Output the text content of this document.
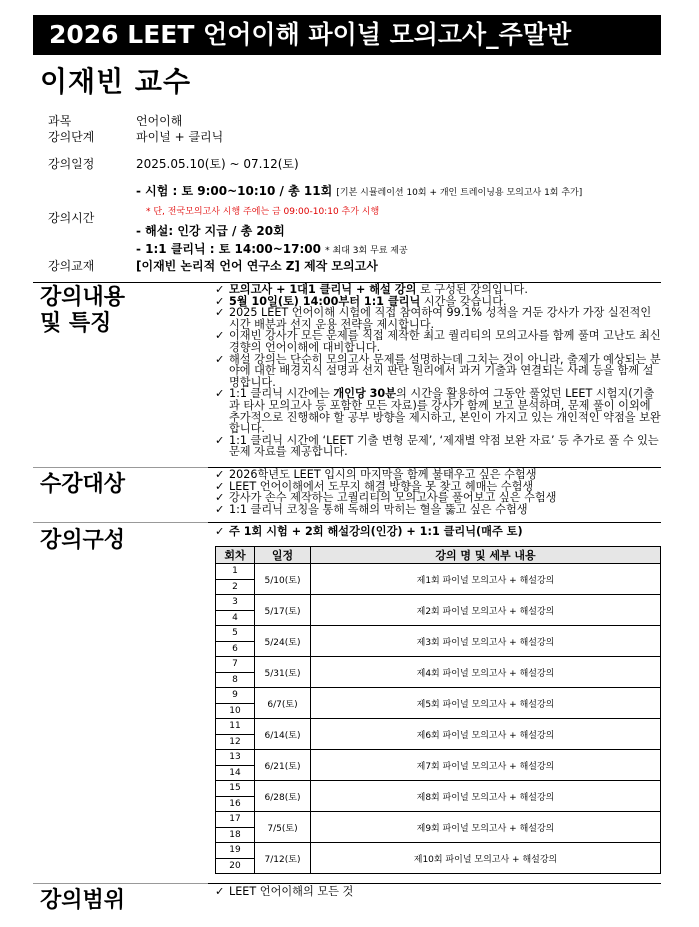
2026 LEET 언어이해 파이널 모의고사_주말반
이재빈 교수
과목	언어이해
강의단계	파이널 + 클리닉
강의일정	2025.05.10(토) ~ 07.12(토)
- 시험 : 토 9:00~10:10 / 총 11회 [기본 시뮬레이션 10회 + 개인 트레이닝용 모의고사 1회 추가]
* 단, 전국모의고사 시행 주에는 금 09:00-10:10 추가 시행
강의시간
- 해설: 인강 지급 / 총 20회
- 1:1 클리닉 : 토 14:00~17:00 * 최대 3회 무료 제공
강의교재	[이재빈 논리적 언어 연구소 Z] 제작 모의고사
강의내용
및 특징
✓ 모의고사 + 1대1 클리닉 + 해설 강의 로 구성된 강의입니다.
✓ 5월 10일(토) 14:00부터 1:1 클리닉 시간을 갖습니다.
✓ 2025 LEET 언어이해 시험에 직접 참여하여 99.1% 성적을 거둔 강사가 가장 실전적인 시간 배분과 선지 운용 전략을 제시합니다.
✓ 이재빈 강사가 모든 문제를 직접 제작한 최고 퀄리티의 모의고사를 함께 풀며 고난도 최신 경향의 언어이해에 대비합니다.
✓ 해설 강의는 단순히 모의고사 문제를 설명하는데 그치는 것이 아니라, 출제가 예상되는 분야에 대한 배경지식 설명과 선지 판단 원리에서 과거 기출과 연결되는 사례 등을 함께 설명합니다.
✓ 1:1 클리닉 시간에는 개인당 30분의 시간을 활용하여 그동안 풀었던 LEET 시험지(기출과 타사 모의고사 등 포함한 모든 자료)를 강사가 함께 보고 분석하며, 문제 풀이 이외에 추가적으로 진행해야 할 공부 방향을 제시하고, 본인이 가지고 있는 개인적인 약점을 보완합니다.
✓ 1:1 클리닉 시간에 ‘LEET 기출 변형 문제’, ‘제재별 약점 보완 자료’ 등 추가로 풀 수 있는 문제 자료를 제공합니다.
수강대상	✓ 2026학년도 LEET 입시의 마지막을 함께 불태우고 싶은 수험생
✓ LEET 언어이해에서 도무지 해결 방향을 못 찾고 헤매는 수험생
✓ 강사가 손수 제작하는 고퀄리티의 모의고사를 풀어보고 싶은 수험생
✓ 1:1 클리닉 코칭을 통해 독해의 막히는 혈을 뚫고 싶은 수험생
강의구성	✓ 주 1회 시험 + 2회 해설강의(인강) + 1:1 클리닉(매주 토)
회차	일정	강의 명 및 세부 내용
1	5/10(토)	제1회 파이널 모의고사 + 해설강의
2		
3	5/17(토)	제2회 파이널 모의고사 + 해설강의
4		
5	5/24(토)	제3회 파이널 모의고사 + 해설강의
6		
7	5/31(토)	제4회 파이널 모의고사 + 해설강의
8		
9	6/7(토)	제5회 파이널 모의고사 + 해설강의
10		
11	6/14(토)	제6회 파이널 모의고사 + 해설강의
12		
13	6/21(토)	제7회 파이널 모의고사 + 해설강의
14		
15	6/28(토)	제8회 파이널 모의고사 + 해설강의
16		
17	7/5(토)	제9회 파이널 모의고사 + 해설강의
18		
19	7/12(토)	제10회 파이널 모의고사 + 해설강의
20		
강의범위	✓ LEET 언어이해의 모든 것
